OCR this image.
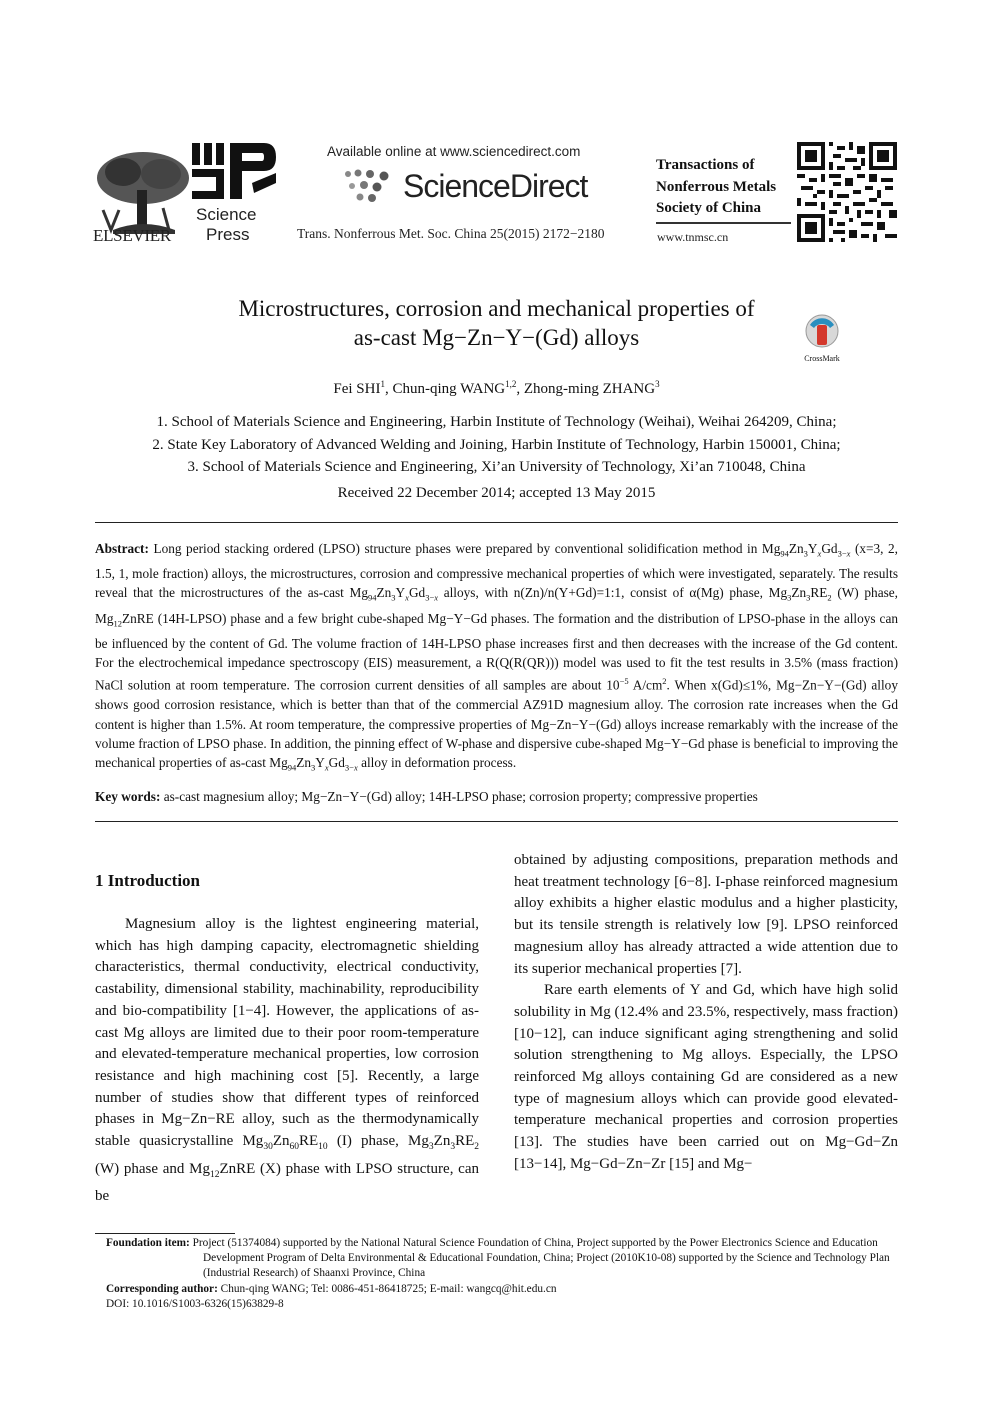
ELSEVIER
Science
Press
Available online at www.sciencedirect.com
ScienceDirect
Trans. Nonferrous Met. Soc. China 25(2015) 2172−2180
Transactions of
Nonferrous Metals
Society of China
www.tnmsc.cn
Microstructures, corrosion and mechanical properties of
as-cast Mg−Zn−Y−(Gd) alloys
CrossMark
Fei SHI$^1$, Chun-qing WANG$^{1,2}$, Zhong-ming ZHANG$^3$
1. School of Materials Science and Engineering, Harbin Institute of Technology (Weihai), Weihai 264209, China;
2. State Key Laboratory of Advanced Welding and Joining, Harbin Institute of Technology, Harbin 150001, China;
3. School of Materials Science and Engineering, Xi’an University of Technology, Xi’an 710048, China
Received 22 December 2014; accepted 13 May 2015
Abstract: Long period stacking ordered (LPSO) structure phases were prepared by conventional solidification method in $Mg_{94}Zn_3Y_xGd_{3-x}$ (x=3, 2, 1.5, 1, mole fraction) alloys, the microstructures, corrosion and compressive mechanical properties of which were investigated, separately. The results reveal that the microstructures of the as-cast $Mg_{94}Zn_3Y_xGd_{3-x}$ alloys, with n(Zn)/n(Y+Gd)=1:1, consist of α(Mg) phase, $Mg_3Zn_3RE_2$ (W) phase, $Mg_{12}ZnRE$ (14H-LPSO) phase and a few bright cube-shaped Mg−Y−Gd phases. The formation and the distribution of LPSO-phase in the alloys can be influenced by the content of Gd. The volume fraction of 14H-LPSO phase increases first and then decreases with the increase of the Gd content. For the electrochemical impedance spectroscopy (EIS) measurement, a R(Q(R(QR))) model was used to fit the test results in 3.5% (mass fraction) NaCl solution at room temperature. The corrosion current densities of all samples are about $10^{-5}$ $A/cm^2$. When x(Gd)≤1%, Mg−Zn−Y−(Gd) alloy shows good corrosion resistance, which is better than that of the commercial AZ91D magnesium alloy. The corrosion rate increases when the Gd content is higher than 1.5%. At room temperature, the compressive properties of Mg−Zn−Y−(Gd) alloys increase remarkably with the increase of the volume fraction of LPSO phase. In addition, the pinning effect of W-phase and dispersive cube-shaped Mg−Y−Gd phase is beneficial to improving the mechanical properties of as-cast $Mg_{94}Zn_3Y_xGd_{3-x}$ alloy in deformation process.
Key words: as-cast magnesium alloy; Mg−Zn−Y−(Gd) alloy; 14H-LPSO phase; corrosion property; compressive properties
1 Introduction

Magnesium alloy is the lightest engineering material, which has high damping capacity, electromagnetic shielding characteristics, thermal conductivity, electrical conductivity, castability, dimensional stability, machinability, reproducibility and bio-compatibility [1−4]. However, the applications of as-cast Mg alloys are limited due to their poor room-temperature and elevated-temperature mechanical properties, low corrosion resistance and high machining cost [5]. Recently, a large number of studies show that different types of reinforced phases in Mg−Zn−RE alloy, such as the thermodynamically stable quasicrystalline $Mg_{30}Zn_{60}RE_{10}$ (I) phase, $Mg_3Zn_3RE_2$ (W) phase and $Mg_{12}ZnRE$ (X) phase with LPSO structure, can be

obtained by adjusting compositions, preparation methods and heat treatment technology [6−8]. I-phase reinforced magnesium alloy exhibits a higher elastic modulus and a higher plasticity, but its tensile strength is relatively low [9]. LPSO reinforced magnesium alloy has already attracted a wide attention due to its superior mechanical properties [7].

Rare earth elements of Y and Gd, which have high solid solubility in Mg (12.4% and 23.5%, respectively, mass fraction) [10−12], can induce significant aging strengthening and solid solution strengthening to Mg alloys. Especially, the LPSO reinforced Mg alloys containing Gd are considered as a new type of magnesium alloys which can provide good elevated-temperature mechanical properties and corrosion properties [13]. The studies have been carried out on Mg−Gd−Zn [13−14], Mg−Gd−Zn−Zr [15] and Mg−

Foundation item: Project (51374084) supported by the National Natural Science Foundation of China, Project supported by the Power Electronics Science and Education Development Program of Delta Environmental & Educational Foundation, China; Project (2010K10-08) supported by the Science and Technology Plan (Industrial Research) of Shaanxi Province, China

Corresponding author: Chun-qing WANG; Tel: 0086-451-86418725; E-mail: wangcq@hit.edu.cn

DOI: 10.1016/S1003-6326(15)63829-8
